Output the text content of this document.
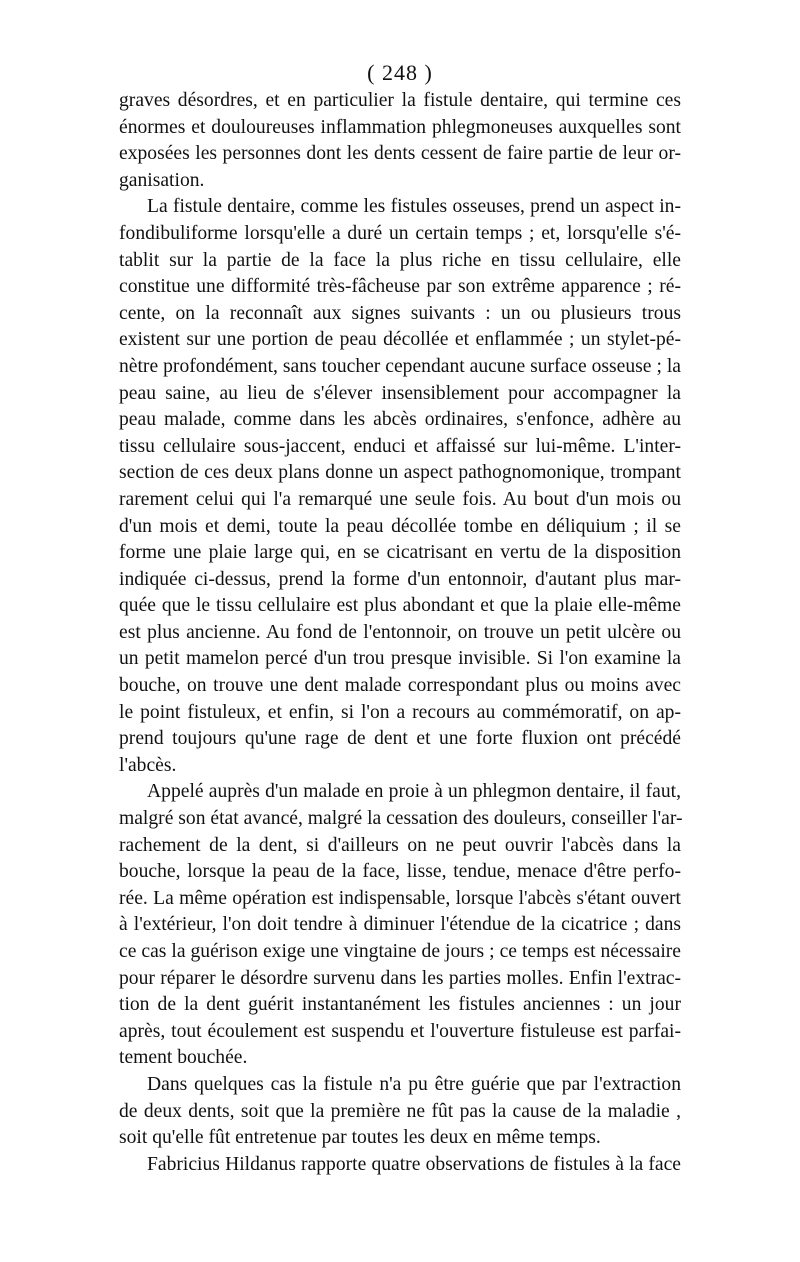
( 248 )
graves désordres, et en particulier la fistule dentaire, qui termine ces
énormes et douloureuses inflammation phlegmoneuses auxquelles sont
exposées les personnes dont les dents cessent de faire partie de leur or-
ganisation.
La fistule dentaire, comme les fistules osseuses, prend un aspect in-
fondibuliforme lorsqu'elle a duré un certain temps ; et, lorsqu'elle s'é-
tablit sur la partie de la face la plus riche en tissu cellulaire, elle
constitue une difformité très-fâcheuse par son extrême apparence ; ré-
cente, on la reconnaît aux signes suivants : un ou plusieurs trous
existent sur une portion de peau décollée et enflammée ; un stylet-pé-
nètre profondément, sans toucher cependant aucune surface osseuse ; la
peau saine, au lieu de s'élever insensiblement pour accompagner la
peau malade, comme dans les abcès ordinaires, s'enfonce, adhère au
tissu cellulaire sous-jaccent, enduci et affaissé sur lui-même. L'inter-
section de ces deux plans donne un aspect pathognomonique, trompant
rarement celui qui l'a remarqué une seule fois. Au bout d'un mois ou
d'un mois et demi, toute la peau décollée tombe en déliquium ; il se
forme une plaie large qui, en se cicatrisant en vertu de la disposition
indiquée ci-dessus, prend la forme d'un entonnoir, d'autant plus mar-
quée que le tissu cellulaire est plus abondant et que la plaie elle-même
est plus ancienne. Au fond de l'entonnoir, on trouve un petit ulcère ou
un petit mamelon percé d'un trou presque invisible. Si l'on examine la
bouche, on trouve une dent malade correspondant plus ou moins avec
le point fistuleux, et enfin, si l'on a recours au commémoratif, on ap-
prend toujours qu'une rage de dent et une forte fluxion ont précédé
l'abcès.
Appelé auprès d'un malade en proie à un phlegmon dentaire, il faut,
malgré son état avancé, malgré la cessation des douleurs, conseiller l'ar-
rachement de la dent, si d'ailleurs on ne peut ouvrir l'abcès dans la
bouche, lorsque la peau de la face, lisse, tendue, menace d'être perfo-
rée. La même opération est indispensable, lorsque l'abcès s'étant ouvert
à l'extérieur, l'on doit tendre à diminuer l'étendue de la cicatrice ; dans
ce cas la guérison exige une vingtaine de jours ; ce temps est nécessaire
pour réparer le désordre survenu dans les parties molles. Enfin l'extrac-
tion de la dent guérit instantanément les fistules anciennes : un jour
après, tout écoulement est suspendu et l'ouverture fistuleuse est parfai-
tement bouchée.
Dans quelques cas la fistule n'a pu être guérie que par l'extraction
de deux dents, soit que la première ne fût pas la cause de la maladie ,
soit qu'elle fût entretenue par toutes les deux en même temps.
Fabricius Hildanus rapporte quatre observations de fistules à la face
